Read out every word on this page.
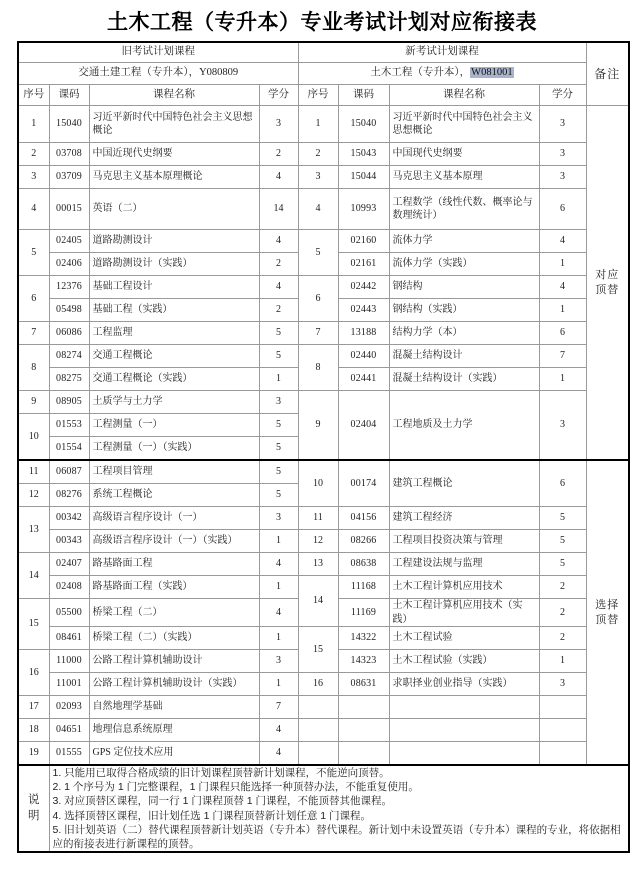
土木工程（专升本）专业考试计划对应衔接表
旧考试计划课程				新考试计划课程				备注
交通土建工程（专升本），Y080809				土木工程（专升本），W081001				
序号	课码	课程名称	学分	序号	课码	课程名称	学分	
1	15040	习近平新时代中国特色社会主义思想概论	3	1	15040	习近平新时代中国特色社会主义思想概论	3	对应
顶替
2	03708	中国近现代史纲要	2	2	15043	中国现代史纲要	3	
3	03709	马克思主义基本原理概论	4	3	15044	马克思主义基本原理	3	
4	00015	英语（二）	14	4	10993	工程数学（线性代数、概率论与数理统计）	6	
5	02405	道路勘测设计	4	5	02160	流体力学	4	
	02406	道路勘测设计（实践）	2		02161	流体力学（实践）	1	
6	12376	基础工程设计	4	6	02442	钢结构	4	
	05498	基础工程（实践）	2		02443	钢结构（实践）	1	
7	06086	工程监理	5	7	13188	结构力学（本）	6	
8	08274	交通工程概论	5	8	02440	混凝土结构设计	7	
	08275	交通工程概论（实践）	1		02441	混凝土结构设计（实践）	1	
9	08905	土质学与土力学	3	9	02404	工程地质及土力学	3	
10	01553	工程测量（一）	5					
	01554	工程测量（一）（实践）	5					
11	06087	工程项目管理	5	10	00174	建筑工程概论	6	选择
顶替
12	08276	系统工程概论	5					
13	00342	高级语言程序设计（一）	3	11	04156	建筑工程经济	5	
	00343	高级语言程序设计（一）（实践）	1	12	08266	工程项目投资决策与管理	5	
14	02407	路基路面工程	4	13	08638	工程建设法规与监理	5	
	02408	路基路面工程（实践）	1	14	11168	土木工程计算机应用技术	2	
15	05500	桥梁工程（二）	4		11169	土木工程计算机应用技术（实践）	2	
	08461	桥梁工程（二）（实践）	1	15	14322	土木工程试验	2	
16	11000	公路工程计算机辅助设计	3		14323	土木工程试验（实践）	1	
	11001	公路工程计算机辅助设计（实践）	1	16	08631	求职择业创业指导（实践）	3	
17	02093	自然地理学基础	7					
18	04651	地理信息系统原理	4					
19	01555	GPS 定位技术应用	4					
说
明	
1. 只能用已取得合格成绩的旧计划课程顶替新计划课程，不能逆向顶替。
2. 1 个序号为 1 门完整课程，1 门课程只能选择一种顶替办法，不能重复使用。
3. 对应顶替区课程，同一行 1 门课程顶替 1 门课程，不能顶替其他课程。
4. 选择顶替区课程，旧计划任选 1 门课程顶替新计划任意 1 门课程。
5. 旧计划英语（二）替代课程顶替新计划英语（专升本）替代课程。新计划中未设置英语（专升本）课程的专业，将依据相应的衔接表进行新课程的顶替。
